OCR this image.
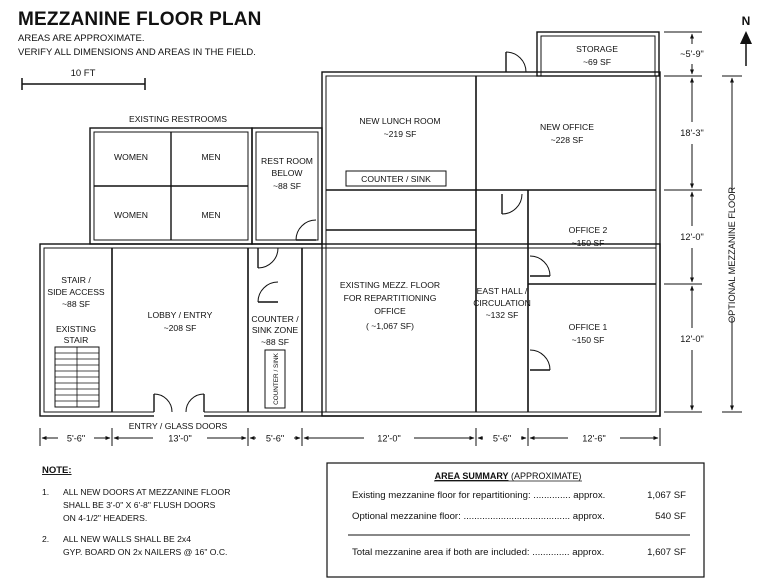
MEZZANINE FLOOR PLAN
AREAS ARE APPROXIMATE.
VERIFY ALL DIMENSIONS AND AREAS IN THE FIELD.
10 FT
N
COUNTER / SINK
COUNTER / SINK
EXISTING RESTROOMS
WOMEN	MEN
WOMEN	MEN
REST ROOM
BELOW
~88 SF
NEW LUNCH ROOM
~219 SF
STORAGE
~69 SF
NEW OFFICE
~228 SF
OFFICE 2
~150 SF
OFFICE 1
~150 SF
EAST HALL /
CIRCULATION
~132 SF
EXISTING MEZZ. FLOOR
FOR REPARTITIONING
OFFICE
( ~1,067 SF)
COUNTER /
SINK ZONE
~88 SF
LOBBY / ENTRY
~208 SF
STAIR /
SIDE ACCESS
~88 SF
EXISTING
STAIR
ENTRY / GLASS DOORS
5'-6"	13'-0"	5'-6"	12'-0"	5'-6"	12'-6"
~5'-9"
18'-3"
12'-0"
12'-0"
OPTIONAL MEZZANINE FLOOR
NOTE:
1. ALL NEW DOORS AT MEZZANINE FLOOR
SHALL BE 3'-0" X 6'-8" FLUSH DOORS
ON 4-1/2" HEADERS.
2. ALL NEW WALLS SHALL BE 2x4
GYP. BOARD ON 2x NAILERS @ 16" O.C.
AREA SUMMARY (APPROXIMATE)
Existing mezzanine floor for repartitioning: .............. approx.	1,067 SF
Optional mezzanine floor: ........................................ approx.	540 SF
Total mezzanine area if both are included: .............. approx.	1,607 SF
